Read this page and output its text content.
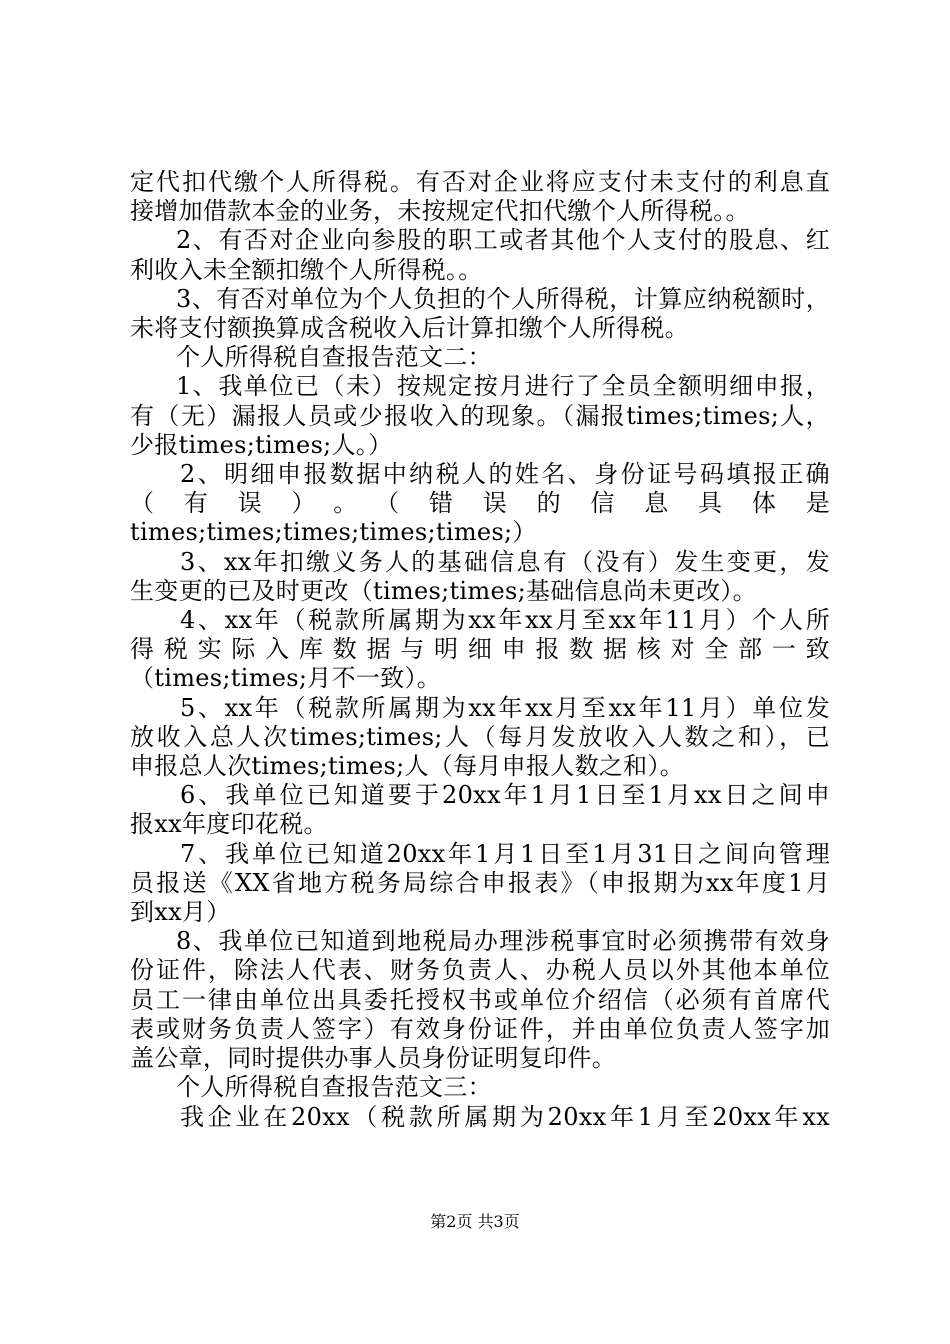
定代扣代缴个人所得税。有否对企业将应支付未支付的利息直

接增加借款本金的业务，未按规定代扣代缴个人所得税。。

2、有否对企业向参股的职工或者其他个人支付的股息、红

利收入未全额扣缴个人所得税。。

3、有否对单位为个人负担的个人所得税，计算应纳税额时，

未将支付额换算成含税收入后计算扣缴个人所得税。

个人所得税自查报告范文二：

1、我单位已（未）按规定按月进行了全员全额明细申报，

有（无）漏报人员或少报收入的现象。（漏报times;times;人，

少报times;times;人。）

2、明细申报数据中纳税人的姓名、身份证号码填报正确

（有误）。（错误的信息具体是

times;times;times;times;times;）

3、xx年扣缴义务人的基础信息有（没有）发生变更，发

生变更的已及时更改（times;times;基础信息尚未更改）。

4、xx年（税款所属期为xx年xx月至xx年11月）个人所

得税实际入库数据与明细申报数据核对全部一致

（times;times;月不一致）。

5、xx年（税款所属期为xx年xx月至xx年11月）单位发

放收入总人次times;times;人（每月发放收入人数之和），已

申报总人次times;times;人（每月申报人数之和）。

6、我单位已知道要于20xx年1月1日至1月xx日之间申

报xx年度印花税。

7、我单位已知道20xx年1月1日至1月31日之间向管理

员报送《XX省地方税务局综合申报表》（申报期为xx年度1月

到xx月）

8、我单位已知道到地税局办理涉税事宜时必须携带有效身

份证件，除法人代表、财务负责人、办税人员以外其他本单位

员工一律由单位出具委托授权书或单位介绍信（必须有首席代

表或财务负责人签字）有效身份证件，并由单位负责人签字加

盖公章，同时提供办事人员身份证明复印件。

个人所得税自查报告范文三：

我企业在20xx（税款所属期为20xx年1月至20xx年xx

第2页 共3页
